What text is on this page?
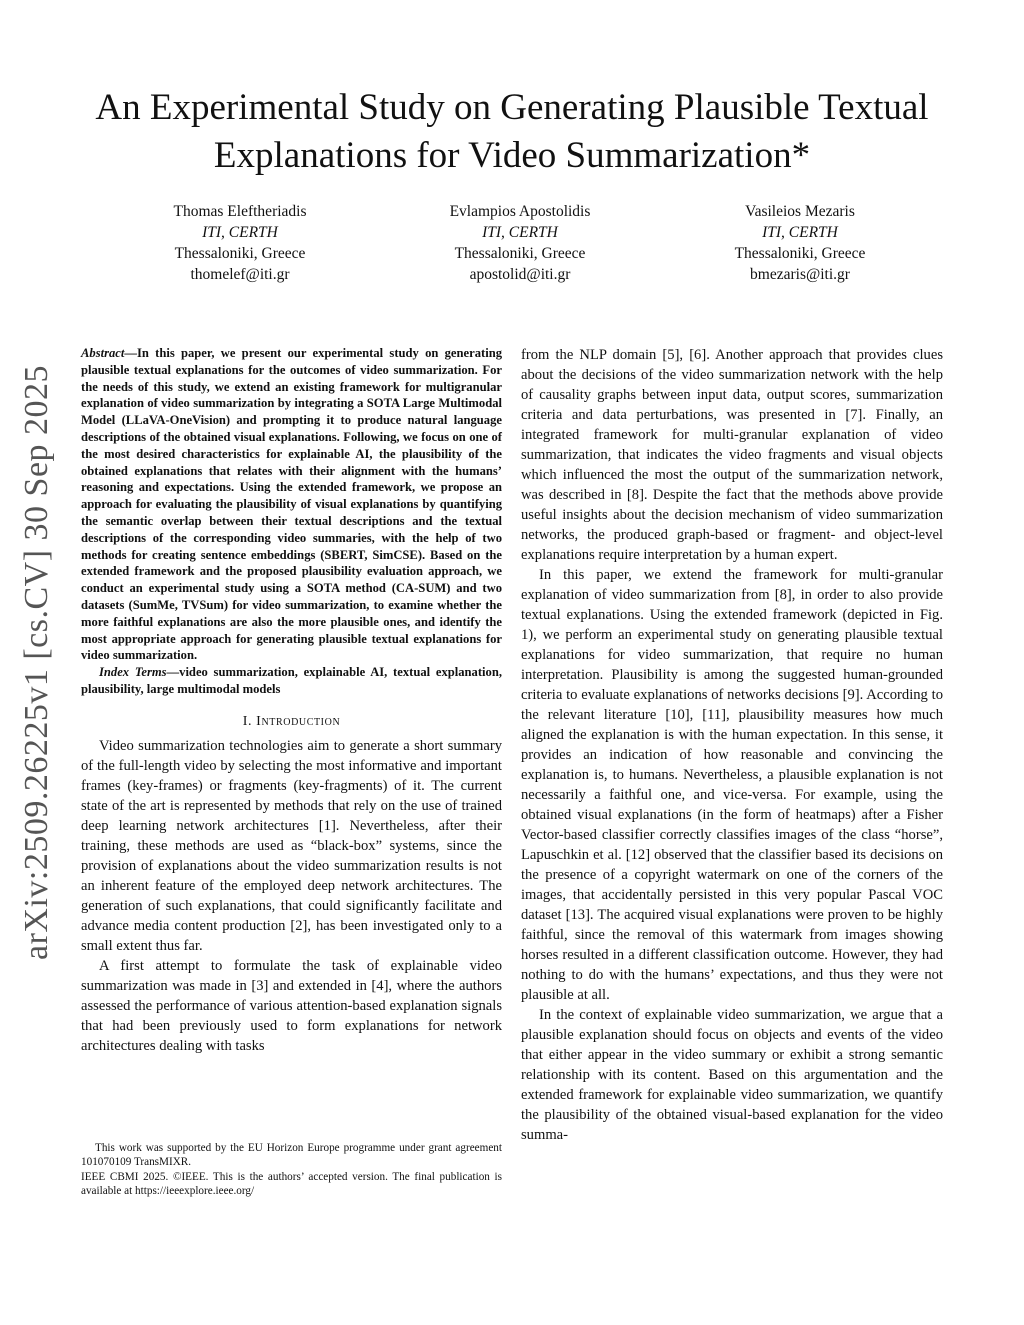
arXiv:2509.26225v1 [cs.CV] 30 Sep 2025
An Experimental Study on Generating Plausible Textual Explanations for Video Summarization*
Thomas Eleftheriadis
ITI, CERTH
Thessaloniki, Greece
thomelef@iti.gr
Evlampios Apostolidis
ITI, CERTH
Thessaloniki, Greece
apostolid@iti.gr
Vasileios Mezaris
ITI, CERTH
Thessaloniki, Greece
bmezaris@iti.gr

Abstract—In this paper, we present our experimental study on generating plausible textual explanations for the outcomes of video summarization. For the needs of this study, we extend an existing framework for multigranular explanation of video summarization by integrating a SOTA Large Multimodal Model (LLaVA-OneVision) and prompting it to produce natural language descriptions of the obtained visual explanations. Following, we focus on one of the most desired characteristics for explainable AI, the plausibility of the obtained explanations that relates with their alignment with the humans’ reasoning and expectations. Using the extended framework, we propose an approach for evaluating the plausibility of visual explanations by quantifying the semantic overlap between their textual descriptions and the textual descriptions of the corresponding video summaries, with the help of two methods for creating sentence embeddings (SBERT, SimCSE). Based on the extended framework and the proposed plausibility evaluation approach, we conduct an experimental study using a SOTA method (CA-SUM) and two datasets (SumMe, TVSum) for video summarization, to examine whether the more faithful explanations are also the more plausible ones, and identify the most appropriate approach for generating plausible textual explanations for video summarization.

Index Terms—video summarization, explainable AI, textual explanation, plausibility, large multimodal models

I. Introduction

Video summarization technologies aim to generate a short summary of the full-length video by selecting the most informative and important frames (key-frames) or fragments (key-fragments) of it. The current state of the art is represented by methods that rely on the use of trained deep learning network architectures [1]. Nevertheless, after their training, these methods are used as “black-box” systems, since the provision of explanations about the video summarization results is not an inherent feature of the employed deep network architectures. The generation of such explanations, that could significantly facilitate and advance media content production [2], has been investigated only to a small extent thus far.

A first attempt to formulate the task of explainable video summarization was made in [3] and extended in [4], where the authors assessed the performance of various attention-based explanation signals that had been previously used to form explanations for network architectures dealing with tasks

This work was supported by the EU Horizon Europe programme under grant agreement 101070109 TransMIXR.

IEEE CBMI 2025. ©IEEE. This is the authors’ accepted version. The final publication is available at https://ieeexplore.ieee.org/

from the NLP domain [5], [6]. Another approach that provides clues about the decisions of the video summarization network with the help of causality graphs between input data, output scores, summarization criteria and data perturbations, was presented in [7]. Finally, an integrated framework for multi-granular explanation of video summarization, that indicates the video fragments and visual objects which influenced the most the output of the summarization network, was described in [8]. Despite the fact that the methods above provide useful insights about the decision mechanism of video summarization networks, the produced graph-based or fragment- and object-level explanations require interpretation by a human expert.

In this paper, we extend the framework for multi-granular explanation of video summarization from [8], in order to also provide textual explanations. Using the extended framework (depicted in Fig. 1), we perform an experimental study on generating plausible textual explanations for video summarization, that require no human interpretation. Plausibility is among the suggested human-grounded criteria to evaluate explanations of networks decisions [9]. According to the relevant literature [10], [11], plausibility measures how much aligned the explanation is with the human expectation. In this sense, it provides an indication of how reasonable and convincing the explanation is, to humans. Nevertheless, a plausible explanation is not necessarily a faithful one, and vice-versa. For example, using the obtained visual explanations (in the form of heatmaps) after a Fisher Vector-based classifier correctly classifies images of the class “horse”, Lapuschkin et al. [12] observed that the classifier based its decisions on the presence of a copyright watermark on one of the corners of the images, that accidentally persisted in this very popular Pascal VOC dataset [13]. The acquired visual explanations were proven to be highly faithful, since the removal of this watermark from images showing horses resulted in a different classification outcome. However, they had nothing to do with the humans’ expectations, and thus they were not plausible at all.

In the context of explainable video summarization, we argue that a plausible explanation should focus on objects and events of the video that either appear in the video summary or exhibit a strong semantic relationship with its content. Based on this argumentation and the extended framework for explainable video summarization, we quantify the plausibility of the obtained visual-based explanation for the video summa-
